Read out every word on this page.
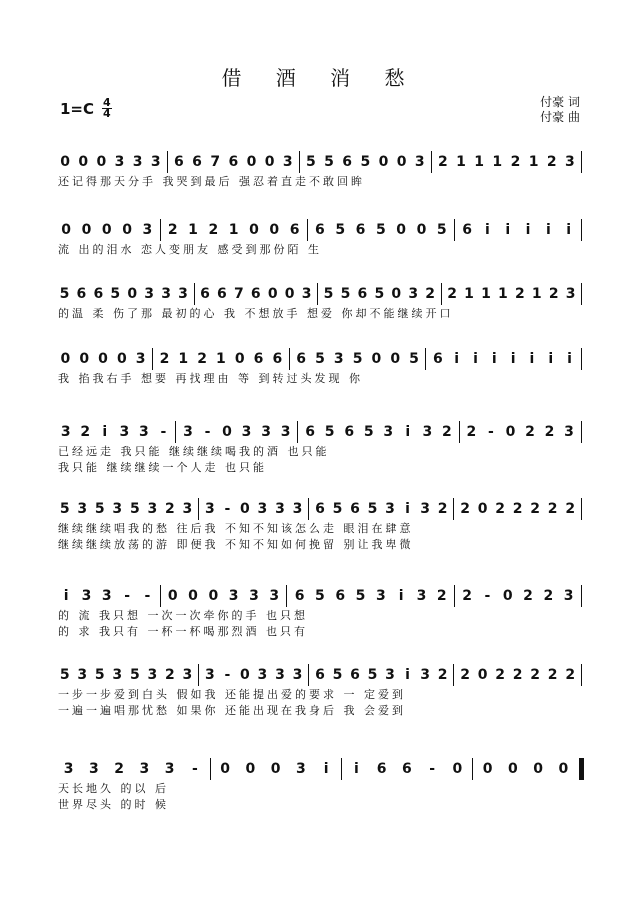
借 酒 消 愁
付豪 词
付豪 曲
1=C 4
4
0 0 0 3 3 3 6 6 7 6 0 0 3 5 5 6 5 0 0 3 2 1 1 1 2 1 2 3
还记得那天分手 我哭到最后 强忍着直走不敢回眸
0 0 0 0 3	2 1 2 1 0 0 6	6 5 6 5 0 0 5	6 i	i	i	i	i
流 出的泪水 恋人变朋友 感受到那份陌 生
5 6 6 5 0 3 3 3 6 6 7 6 0 0 3 5 5 6 5 0 3 2 2 1 1 1 2 1 2 3
的温 柔 伤了那 最初的心 我 不想放手 想爱 你却不能继续开口
0 0 0 0 3	2 1 2 1 0 6 6	6 5 3 5 0 0 5	6 i	i	i	i	i	i	i
我 掐我右手 想要 再找理由 等 到转过头发现 你
3 2 i 3 3 -	3 - 0 3 3 3	6 5 6 5 3 i 3 2	2 - 0 2 2 3
已经远走 我只能 继续继续喝我的酒 也只能
我只能 继续继续一个人走 也只能
5 3 5 3 5 3 2 3 3 - 0 3 3 3 6 5 6 5 3 i 3 2 2 0 2 2 2 2 2
继续继续唱我的愁 往后我 不知不知该怎么走 眼泪在肆意
继续继续放荡的游 即便我 不知不知如何挽留 别让我卑微
i 3 3 -	-	0 0 0 3 3 3	6 5 6 5 3 i 3 2	2 - 0 2 2 3
的 流 我只想 一次一次牵你的手 也只想
的 求 我只有 一杯一杯喝那烈酒 也只有
5 3 5 3 5 3 2 3 3 - 0 3 3 3 6 5 6 5 3 i 3 2 2 0 2 2 2 2 2
一步一步爱到白头 假如我 还能提出爱的要求 一 定爱到
一遍一遍唱那忧愁 如果你 还能出现在我身后 我 会爱到
3	3	2	3	3	-	0	0	0	3	i	i	6	6	-	0	0	0	0	0
天长地久 的以 后
世界尽头 的时 候
